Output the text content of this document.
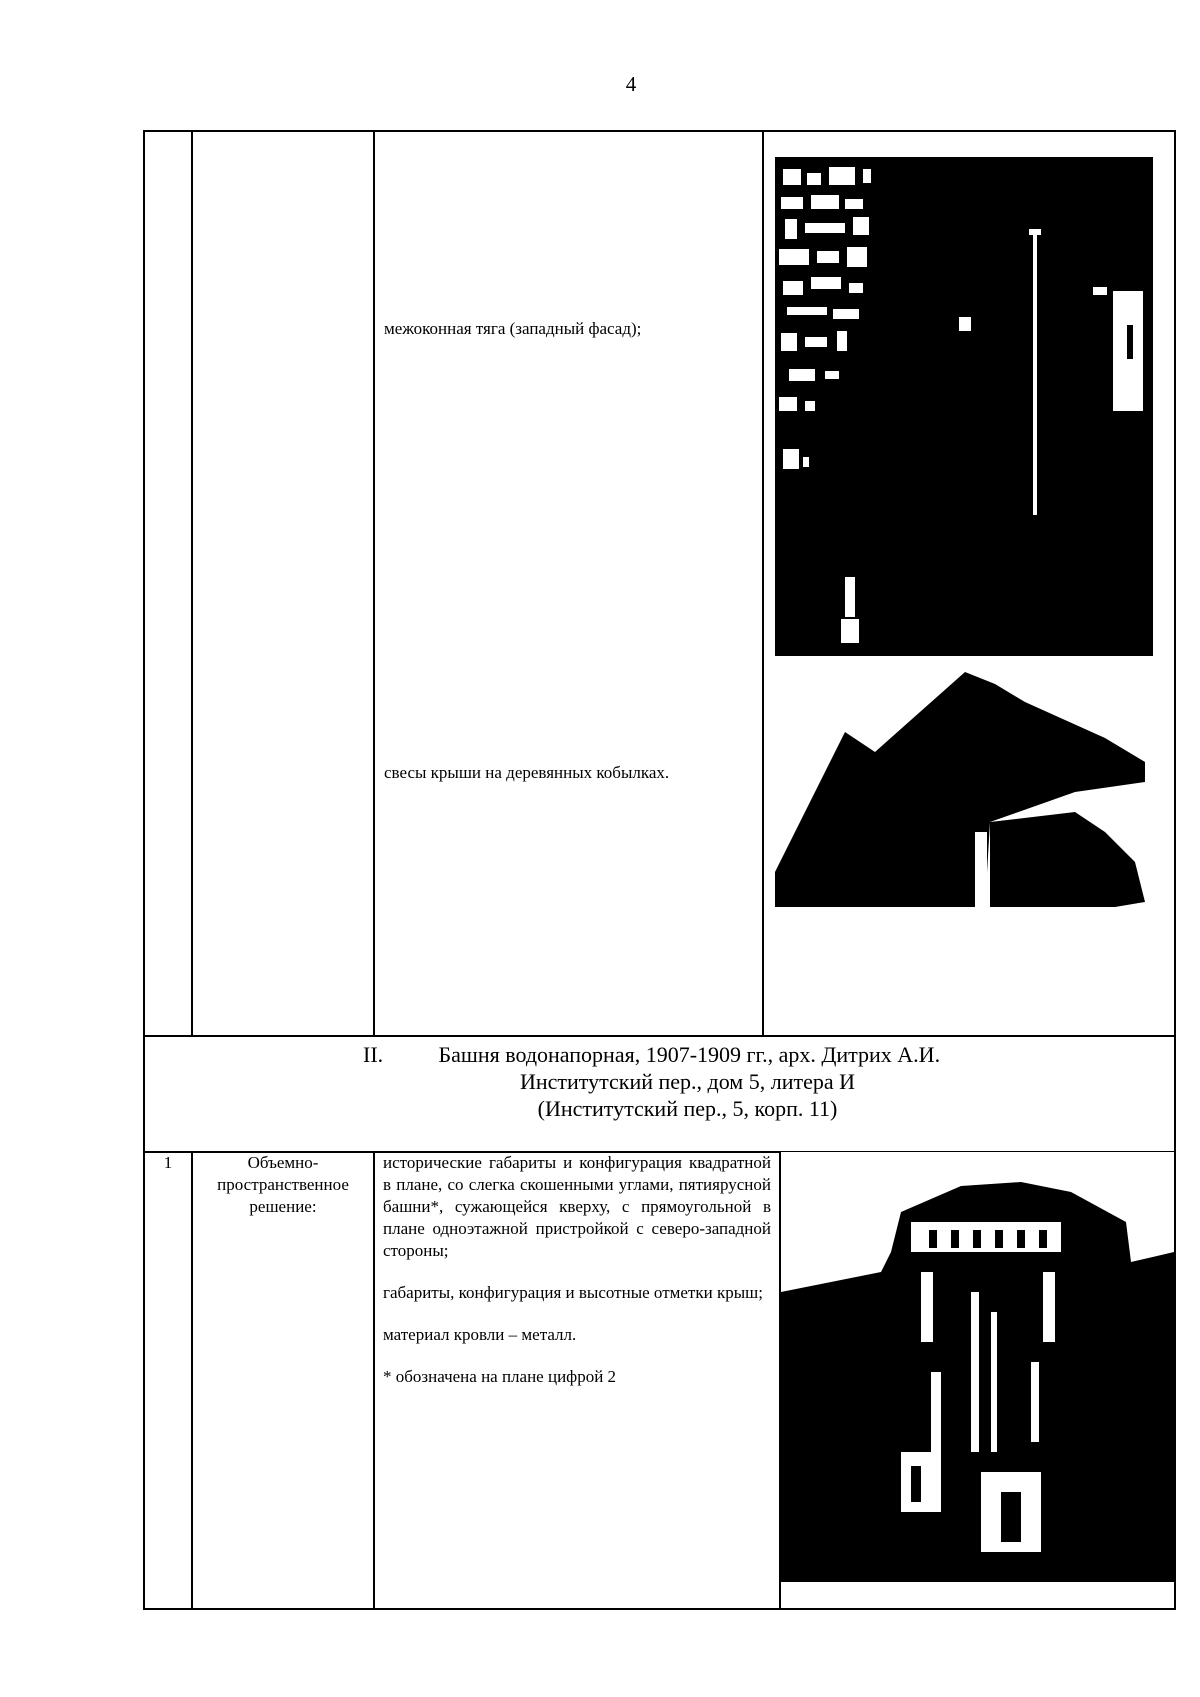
4
межоконная тяга (западный фасад);
свесы крыши на деревянных кобылках.
II.	Башня водонапорная, 1907-1909 гг., арх. Дитрих А.И.
Институтский пер., дом 5, литера И
(Институтский пер., 5, корп. 11)
1	Объемно-пространственное решение:

исторические габариты и конфигурация квадратной в плане, со слегка скошенными углами, пятиярусной башни*, сужающейся кверху, с прямоугольной в плане одноэтажной пристройкой с северо-западной стороны;

габариты, конфигурация и высотные отметки крыш;

материал кровли – металл.

* обозначена на плане цифрой 2
